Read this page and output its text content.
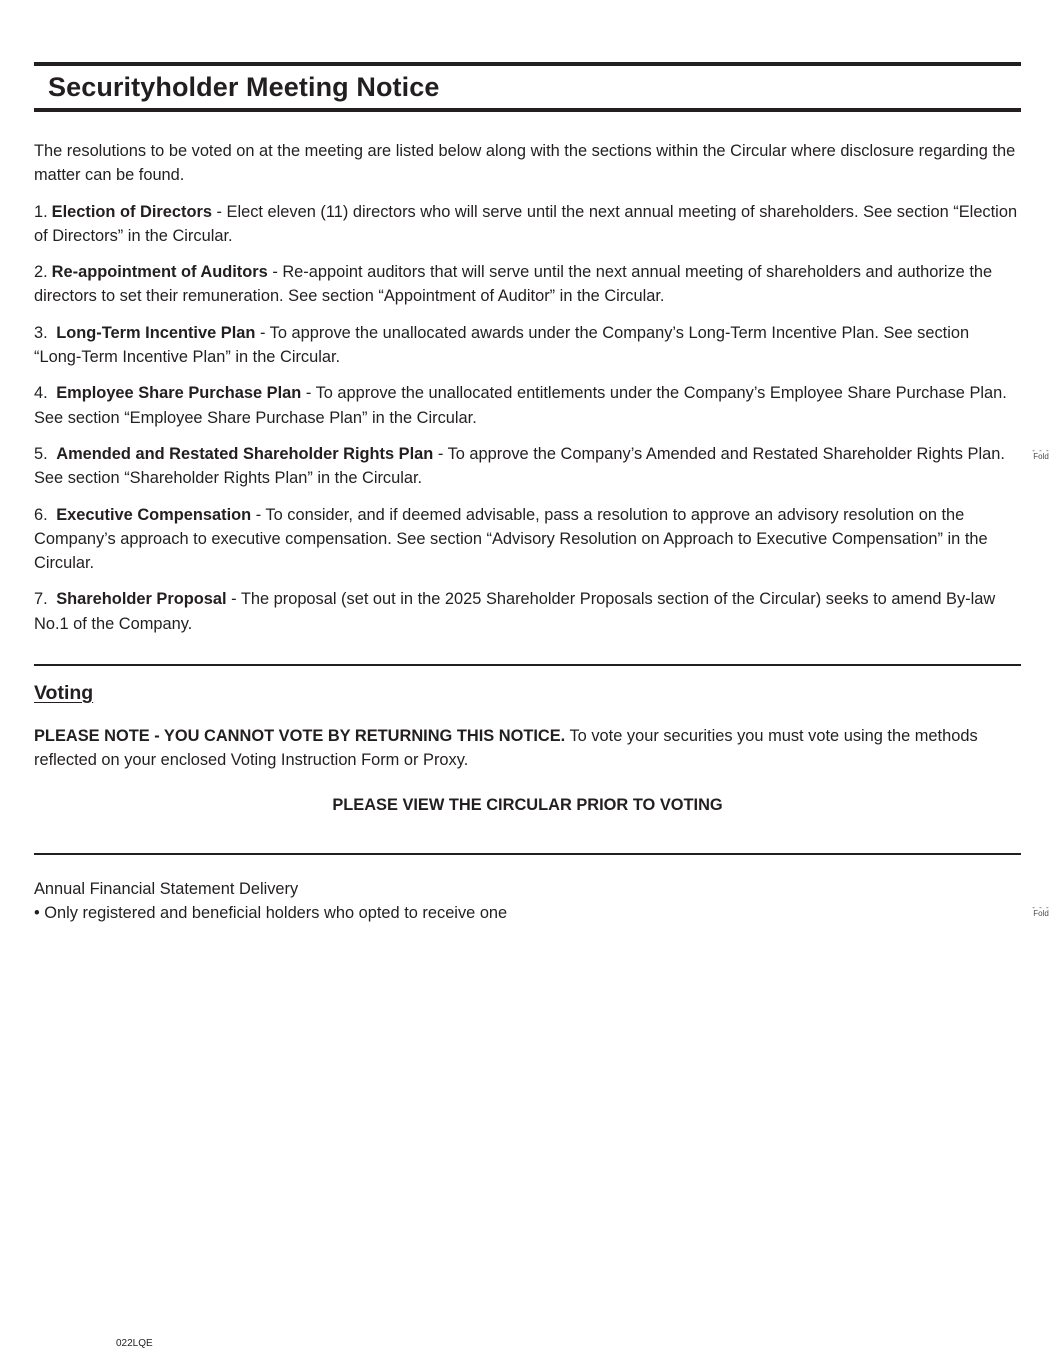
Securityholder Meeting Notice

The resolutions to be voted on at the meeting are listed below along with the sections within the Circular where disclosure regarding the matter can be found.

1. Election of Directors - Elect eleven (11) directors who will serve until the next annual meeting of shareholders. See section “Election of Directors” in the Circular.

2. Re-appointment of Auditors - Re-appoint auditors that will serve until the next annual meeting of shareholders and authorize the directors to set their remuneration. See section “Appointment of Auditor” in the Circular.

3. Long-Term Incentive Plan - To approve the unallocated awards under the Company’s Long-Term Incentive Plan. See section “Long-Term Incentive Plan” in the Circular.

4. Employee Share Purchase Plan - To approve the unallocated entitlements under the Company’s Employee Share Purchase Plan. See section “Employee Share Purchase Plan” in the Circular.

5. Amended and Restated Shareholder Rights Plan - To approve the Company’s Amended and Restated Shareholder Rights Plan. See section “Shareholder Rights Plan” in the Circular.

6. Executive Compensation - To consider, and if deemed advisable, pass a resolution to approve an advisory resolution on the Company’s approach to executive compensation. See section “Advisory Resolution on Approach to Executive Compensation” in the Circular.

7. Shareholder Proposal - The proposal (set out in the 2025 Shareholder Proposals section of the Circular) seeks to amend By-law No.1 of the Company.

Voting

PLEASE NOTE - YOU CANNOT VOTE BY RETURNING THIS NOTICE. To vote your securities you must vote using the methods reflected on your enclosed Voting Instruction Form or Proxy.

PLEASE VIEW THE CIRCULAR PRIOR TO VOTING

Annual Financial Statement Delivery
• Only registered and beneficial holders who opted to receive one
Fold
Fold
022LQE
